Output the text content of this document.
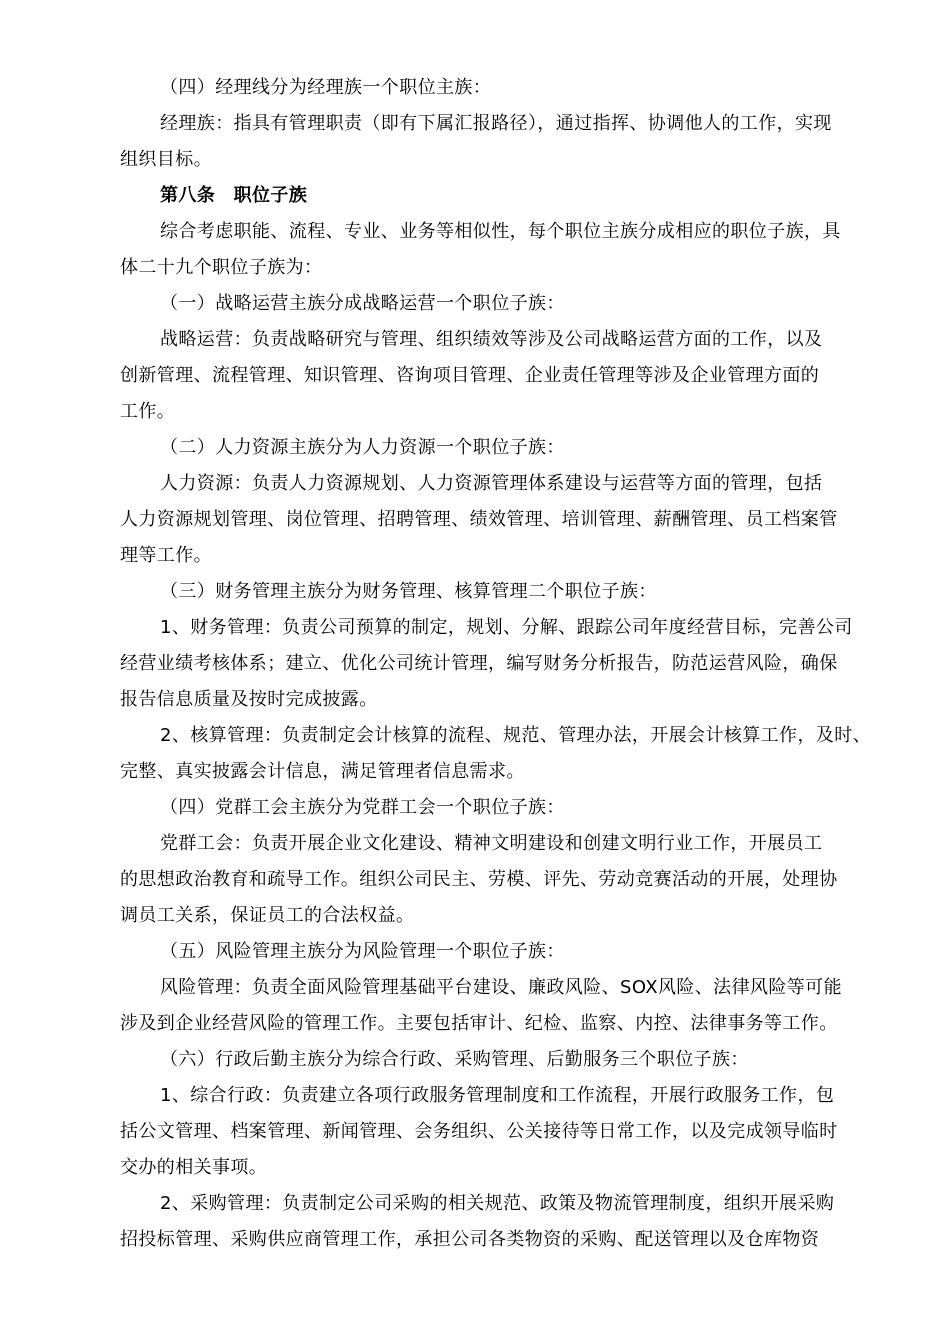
（四）经理线分为经理族一个职位主族：
经理族：指具有管理职责（即有下属汇报路径），通过指挥、协调他人的工作，实现
组织目标。
第八条　职位子族
综合考虑职能、流程、专业、业务等相似性，每个职位主族分成相应的职位子族，具
体二十九个职位子族为：
（一）战略运营主族分成战略运营一个职位子族：
战略运营：负责战略研究与管理、组织绩效等涉及公司战略运营方面的工作，以及
创新管理、流程管理、知识管理、咨询项目管理、企业责任管理等涉及企业管理方面的
工作。
（二）人力资源主族分为人力资源一个职位子族：
人力资源：负责人力资源规划、人力资源管理体系建设与运营等方面的管理，包括
人力资源规划管理、岗位管理、招聘管理、绩效管理、培训管理、薪酬管理、员工档案管
理等工作。
（三）财务管理主族分为财务管理、核算管理二个职位子族：
1、财务管理：负责公司预算的制定，规划、分解、跟踪公司年度经营目标，完善公司
经营业绩考核体系；建立、优化公司统计管理，编写财务分析报告，防范运营风险，确保
报告信息质量及按时完成披露。
2、核算管理：负责制定会计核算的流程、规范、管理办法，开展会计核算工作，及时、
完整、真实披露会计信息，满足管理者信息需求。
（四）党群工会主族分为党群工会一个职位子族：
党群工会：负责开展企业文化建设、精神文明建设和创建文明行业工作，开展员工
的思想政治教育和疏导工作。组织公司民主、劳模、评先、劳动竞赛活动的开展，处理协
调员工关系，保证员工的合法权益。
（五）风险管理主族分为风险管理一个职位子族：
风险管理：负责全面风险管理基础平台建设、廉政风险、SOX风险、法律风险等可能
涉及到企业经营风险的管理工作。主要包括审计、纪检、监察、内控、法律事务等工作。
（六）行政后勤主族分为综合行政、采购管理、后勤服务三个职位子族：
1、综合行政：负责建立各项行政服务管理制度和工作流程，开展行政服务工作，包
括公文管理、档案管理、新闻管理、会务组织、公关接待等日常工作，以及完成领导临时
交办的相关事项。
2、采购管理：负责制定公司采购的相关规范、政策及物流管理制度，组织开展采购
招投标管理、采购供应商管理工作，承担公司各类物资的采购、配送管理以及仓库物资
